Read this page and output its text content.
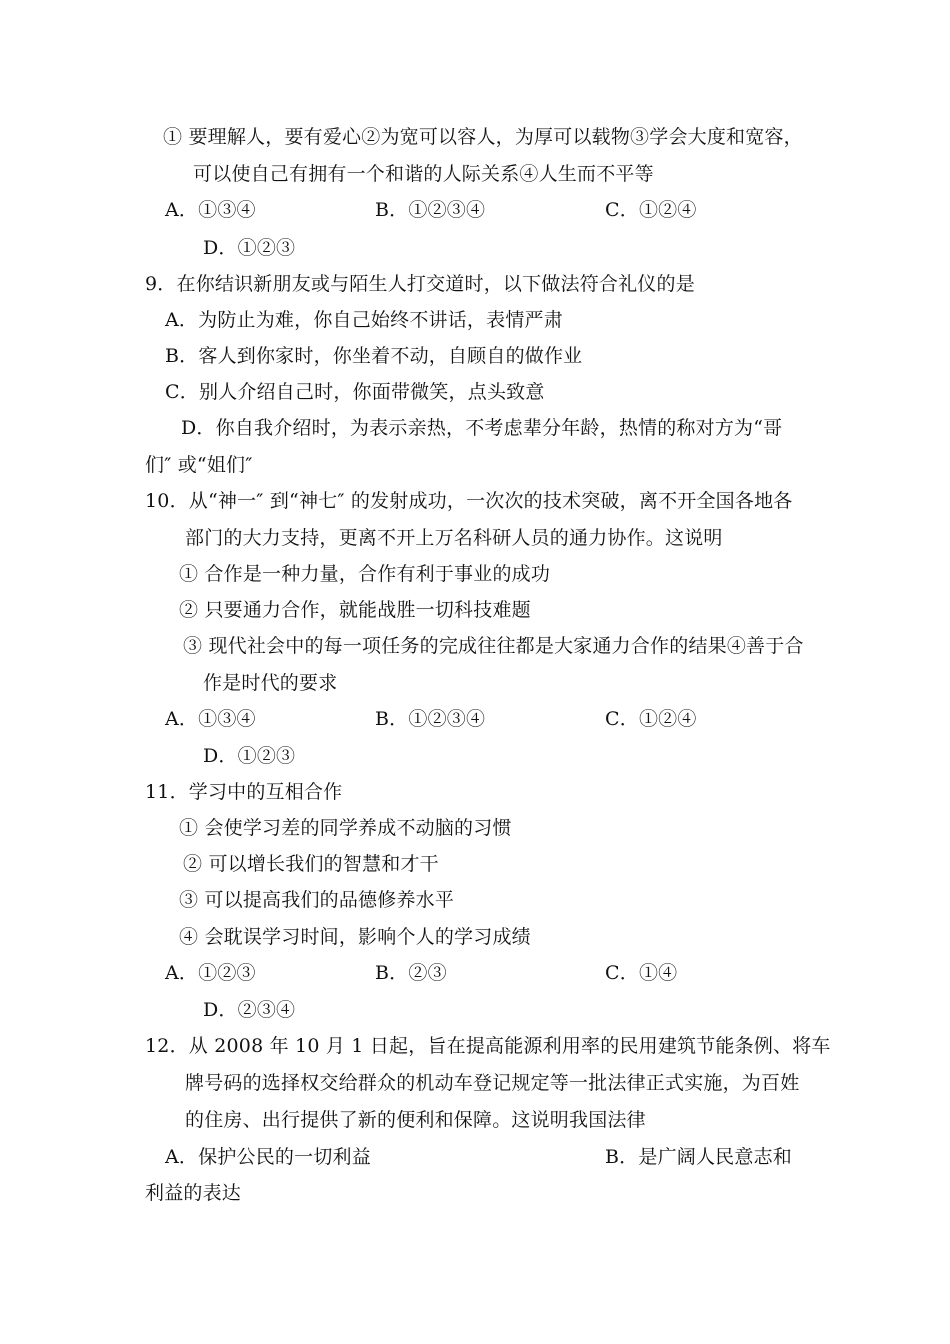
① 要理解人，要有爱心②为宽可以容人，为厚可以载物③学会大度和宽容，
可以使自己有拥有一个和谐的人际关系④人生而不平等
A．①③④	B．①②③④	C．①②④
D．①②③
9．在你结识新朋友或与陌生人打交道时，以下做法符合礼仪的是
A．为防止为难，你自己始终不讲话，表情严肃
B．客人到你家时，你坐着不动，自顾自的做作业
C．别人介绍自己时，你面带微笑，点头致意
D．你自我介绍时，为表示亲热，不考虑辈分年龄，热情的称对方为“哥
们″ 或“姐们″
10．从“神一″ 到“神七″ 的发射成功，一次次的技术突破，离不开全国各地各
部门的大力支持，更离不开上万名科研人员的通力协作。这说明
① 合作是一种力量，合作有利于事业的成功
② 只要通力合作，就能战胜一切科技难题
③ 现代社会中的每一项任务的完成往往都是大家通力合作的结果④善于合
作是时代的要求
A．①③④	B．①②③④	C．①②④
D．①②③
11．学习中的互相合作
① 会使学习差的同学养成不动脑的习惯
② 可以增长我们的智慧和才干
③ 可以提高我们的品德修养水平
④ 会耽误学习时间，影响个人的学习成绩
A．①②③	B．②③	C．①④
D．②③④
12．从 2008 年 10 月 1 日起，旨在提高能源利用率的民用建筑节能条例、将车
牌号码的选择权交给群众的机动车登记规定等一批法律正式实施，为百姓
的住房、出行提供了新的便利和保障。这说明我国法律
A．保护公民的一切利益	B．是广阔人民意志和
利益的表达
